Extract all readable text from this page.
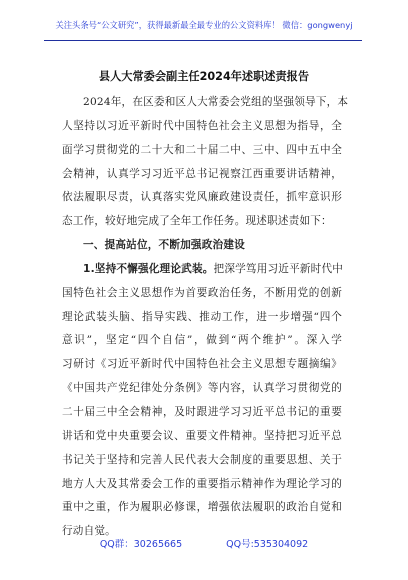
关注头条号“公文研究”，获得最新最全最专业的公文资料库！ 微信：gongwenyj
县人大常委会副主任2024年述职述责报告
2024年，在区委和区人大常委会党组的坚强领导下，本
人坚持以习近平新时代中国特色社会主义思想为指导，全
面学习贯彻党的二十大和二十届二中、三中、四中五中全
会精神，认真学习习近平总书记视察江西重要讲话精神，
依法履职尽责，认真落实党风廉政建设责任，抓牢意识形
态工作，较好地完成了全年工作任务。现述职述责如下：
一、提高站位，不断加强政治建设
1.坚持不懈强化理论武装。把深学笃用习近平新时代中
国特色社会主义思想作为首要政治任务，不断用党的创新
理论武装头脑、指导实践、推动工作，进一步增强“四个
意识”，坚定“四个自信”，做到“两个维护”。深入学
习研讨《习近平新时代中国特色社会主义思想专题摘编》
《中国共产党纪律处分条例》等内容，认真学习贯彻党的
二十届三中全会精神，及时跟进学习习近平总书记的重要
讲话和党中央重要会议、重要文件精神。坚持把习近平总
书记关于坚持和完善人民代表大会制度的重要思想、关于
地方人大及其常委会工作的重要指示精神作为理论学习的
重中之重，作为履职必修课，增强依法履职的政治自觉和
行动自觉。
QQ群：30265665	QQ号:535304092
